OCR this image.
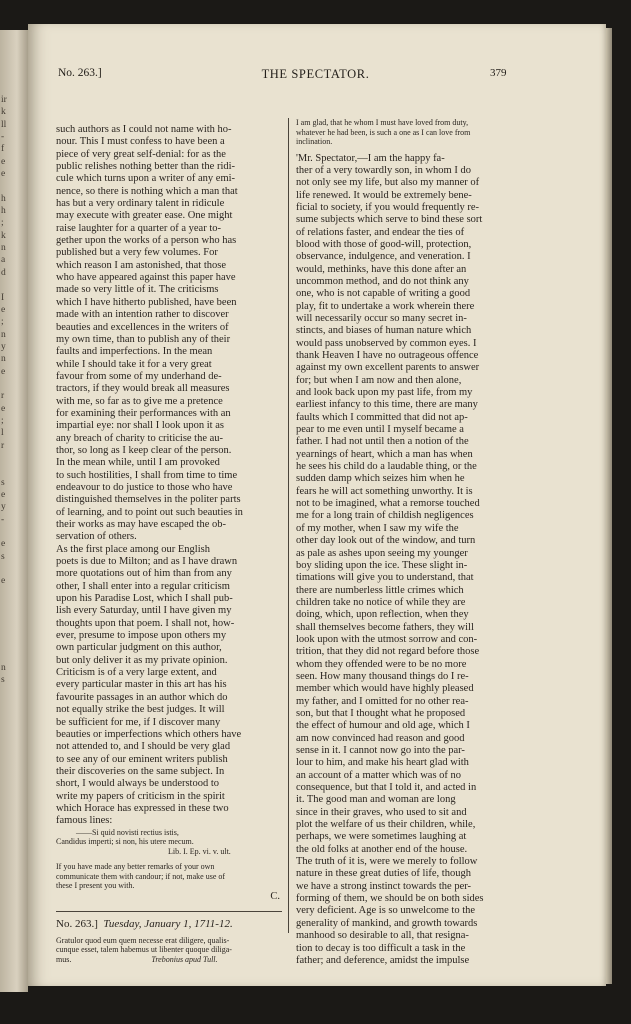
ir
k
ll
-
f
e
e

h
h
;
k
n
a
d

I
e
;
n
y
n
e

r
e
;
l
r

s
e
y
-

e
s

e

n
s
No. 263.]	THE SPECTATOR.	379
such authors as I could not name with ho-
nour. This I must confess to have been a
piece of very great self-denial: for as the
public relishes nothing better than the ridi-
cule which turns upon a writer of any emi-
nence, so there is nothing which a man that
has but a very ordinary talent in ridicule
may execute with greater ease. One might
raise laughter for a quarter of a year to-
gether upon the works of a person who has
published but a very few volumes. For
which reason I am astonished, that those
who have appeared against this paper have
made so very little of it. The criticisms
which I have hitherto published, have been
made with an intention rather to discover
beauties and excellences in the writers of
my own time, than to publish any of their
faults and imperfections. In the mean
while I should take it for a very great
favour from some of my underhand de-
tractors, if they would break all measures
with me, so far as to give me a pretence
for examining their performances with an
impartial eye: nor shall I look upon it as
any breach of charity to criticise the au-
thor, so long as I keep clear of the person.
In the mean while, until I am provoked
to such hostilities, I shall from time to time
endeavour to do justice to those who have
distinguished themselves in the politer parts
of learning, and to point out such beauties in
their works as may have escaped the ob-
servation of others.
As the first place among our English
poets is due to Milton; and as I have drawn
more quotations out of him than from any
other, I shall enter into a regular criticism
upon his Paradise Lost, which I shall pub-
lish every Saturday, until I have given my
thoughts upon that poem. I shall not, how-
ever, presume to impose upon others my
own particular judgment on this author,
but only deliver it as my private opinion.
Criticism is of a very large extent, and
every particular master in this art has his
favourite passages in an author which do
not equally strike the best judges. It will
be sufficient for me, if I discover many
beauties or imperfections which others have
not attended to, and I should be very glad
to see any of our eminent writers publish
their discoveries on the same subject. In
short, I would always be understood to
write my papers of criticism in the spirit
which Horace has expressed in these two
famous lines:
——Si quid novisti rectius istis,
Candidus imperti; si non, his utere mecum.
Lib. I. Ep. vi. v. ult.
If you have made any better remarks of your own
communicate them with candour; if not, make use of
these I present you with.
C.
No. 263.] Tuesday, January 1, 1711-12.
Gratulor quod eum quem necesse erat diligere, qualis-
cunque esset, talem habemus ut libenter quoque diliga-
mus.	Trebonius apud Tull.
I am glad, that he whom I must have loved from duty,
whatever he had been, is such a one as I can love from
inclination.
'Mr. Spectator,—I am the happy fa-
ther of a very towardly son, in whom I do
not only see my life, but also my manner of
life renewed. It would be extremely bene-
ficial to society, if you would frequently re-
sume subjects which serve to bind these sort
of relations faster, and endear the ties of
blood with those of good-will, protection,
observance, indulgence, and veneration. I
would, methinks, have this done after an
uncommon method, and do not think any
one, who is not capable of writing a good
play, fit to undertake a work wherein there
will necessarily occur so many secret in-
stincts, and biases of human nature which
would pass unobserved by common eyes. I
thank Heaven I have no outrageous offence
against my own excellent parents to answer
for; but when I am now and then alone,
and look back upon my past life, from my
earliest infancy to this time, there are many
faults which I committed that did not ap-
pear to me even until I myself became a
father. I had not until then a notion of the
yearnings of heart, which a man has when
he sees his child do a laudable thing, or the
sudden damp which seizes him when he
fears he will act something unworthy. It is
not to be imagined, what a remorse touched
me for a long train of childish negligences
of my mother, when I saw my wife the
other day look out of the window, and turn
as pale as ashes upon seeing my younger
boy sliding upon the ice. These slight in-
timations will give you to understand, that
there are numberless little crimes which
children take no notice of while they are
doing, which, upon reflection, when they
shall themselves become fathers, they will
look upon with the utmost sorrow and con-
trition, that they did not regard before those
whom they offended were to be no more
seen. How many thousand things do I re-
member which would have highly pleased
my father, and I omitted for no other rea-
son, but that I thought what he proposed
the effect of humour and old age, which I
am now convinced had reason and good
sense in it. I cannot now go into the par-
lour to him, and make his heart glad with
an account of a matter which was of no
consequence, but that I told it, and acted in
it. The good man and woman are long
since in their graves, who used to sit and
plot the welfare of us their children, while,
perhaps, we were sometimes laughing at
the old folks at another end of the house.
The truth of it is, were we merely to follow
nature in these great duties of life, though
we have a strong instinct towards the per-
forming of them, we should be on both sides
very deficient. Age is so unwelcome to the
generality of mankind, and growth towards
manhood so desirable to all, that resigna-
tion to decay is too difficult a task in the
father; and deference, amidst the impulse
